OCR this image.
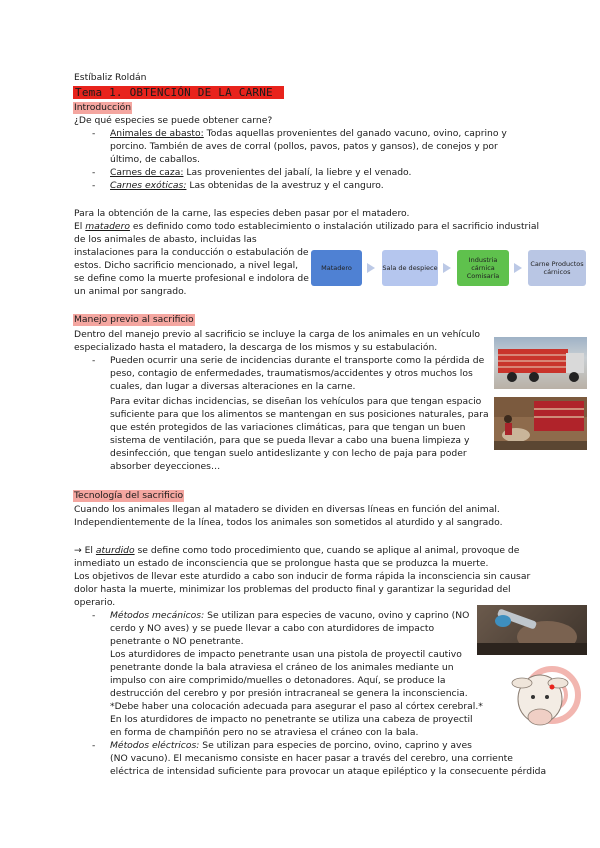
Estíbaliz Roldán
Tema 1. OBTENCIÓN DE LA CARNE
Introducción
¿De qué especies se puede obtener carne?
- Animales de abasto: Todas aquellas provenientes del ganado vacuno, ovino, caprino y
porcino. También de aves de corral (pollos, pavos, patos y gansos), de conejos y por
último, de caballos.
- Carnes de caza: Las provenientes del jabalí, la liebre y el venado.
- Carnes exóticas: Las obtenidas de la avestruz y el canguro.
Para la obtención de la carne, las especies deben pasar por el matadero.
El matadero es definido como todo establecimiento o instalación utilizado para el sacrificio industrial
de los animales de abasto, incluidas las
instalaciones para la conducción o estabulación de
estos. Dicho sacrificio mencionado, a nivel legal,
se define como la muerte profesional e indolora de
un animal por sangrado.
Matadero	Sala de despiece
Industria cárnica Comisaría
Carne Productos cárnicos
Manejo previo al sacrificio
Dentro del manejo previo al sacrificio se incluye la carga de los animales en un vehículo
especializado hasta el matadero, la descarga de los mismos y su estabulación.
- Pueden ocurrir una serie de incidencias durante el transporte como la pérdida de
peso, contagio de enfermedades, traumatismos/accidentes y otros muchos los
cuales, dan lugar a diversas alteraciones en la carne.
Para evitar dichas incidencias, se diseñan los vehículos para que tengan espacio
suficiente para que los alimentos se mantengan en sus posiciones naturales, para
que estén protegidos de las variaciones climáticas, para que tengan un buen
sistema de ventilación, para que se pueda llevar a cabo una buena limpieza y
desinfección, que tengan suelo antideslizante y con lecho de paja para poder
absorber deyecciones…
Tecnología del sacrificio
Cuando los animales llegan al matadero se dividen en diversas líneas en función del animal.
Independientemente de la línea, todos los animales son sometidos al aturdido y al sangrado.
→ El aturdido se define como todo procedimiento que, cuando se aplique al animal, provoque de
inmediato un estado de inconsciencia que se prolongue hasta que se produzca la muerte.
Los objetivos de llevar este aturdido a cabo son inducir de forma rápida la inconsciencia sin causar
dolor hasta la muerte, minimizar los problemas del producto final y garantizar la seguridad del
operario.
- Métodos mecánicos: Se utilizan para especies de vacuno, ovino y caprino (NO
cerdo y NO aves) y se puede llevar a cabo con aturdidores de impacto
penetrante o NO penetrante.
Los aturdidores de impacto penetrante usan una pistola de proyectil cautivo
penetrante donde la bala atraviesa el cráneo de los animales mediante un
impulso con aire comprimido/muelles o detonadores. Aquí, se produce la
destrucción del cerebro y por presión intracraneal se genera la inconsciencia.
*Debe haber una colocación adecuada para asegurar el paso al córtex cerebral.*
En los aturdidores de impacto no penetrante se utiliza una cabeza de proyectil
en forma de champiñón pero no se atraviesa el cráneo con la bala.
- Métodos eléctricos: Se utilizan para especies de porcino, ovino, caprino y aves
(NO vacuno). El mecanismo consiste en hacer pasar a través del cerebro, una corriente
eléctrica de intensidad suficiente para provocar un ataque epiléptico y la consecuente pérdida
